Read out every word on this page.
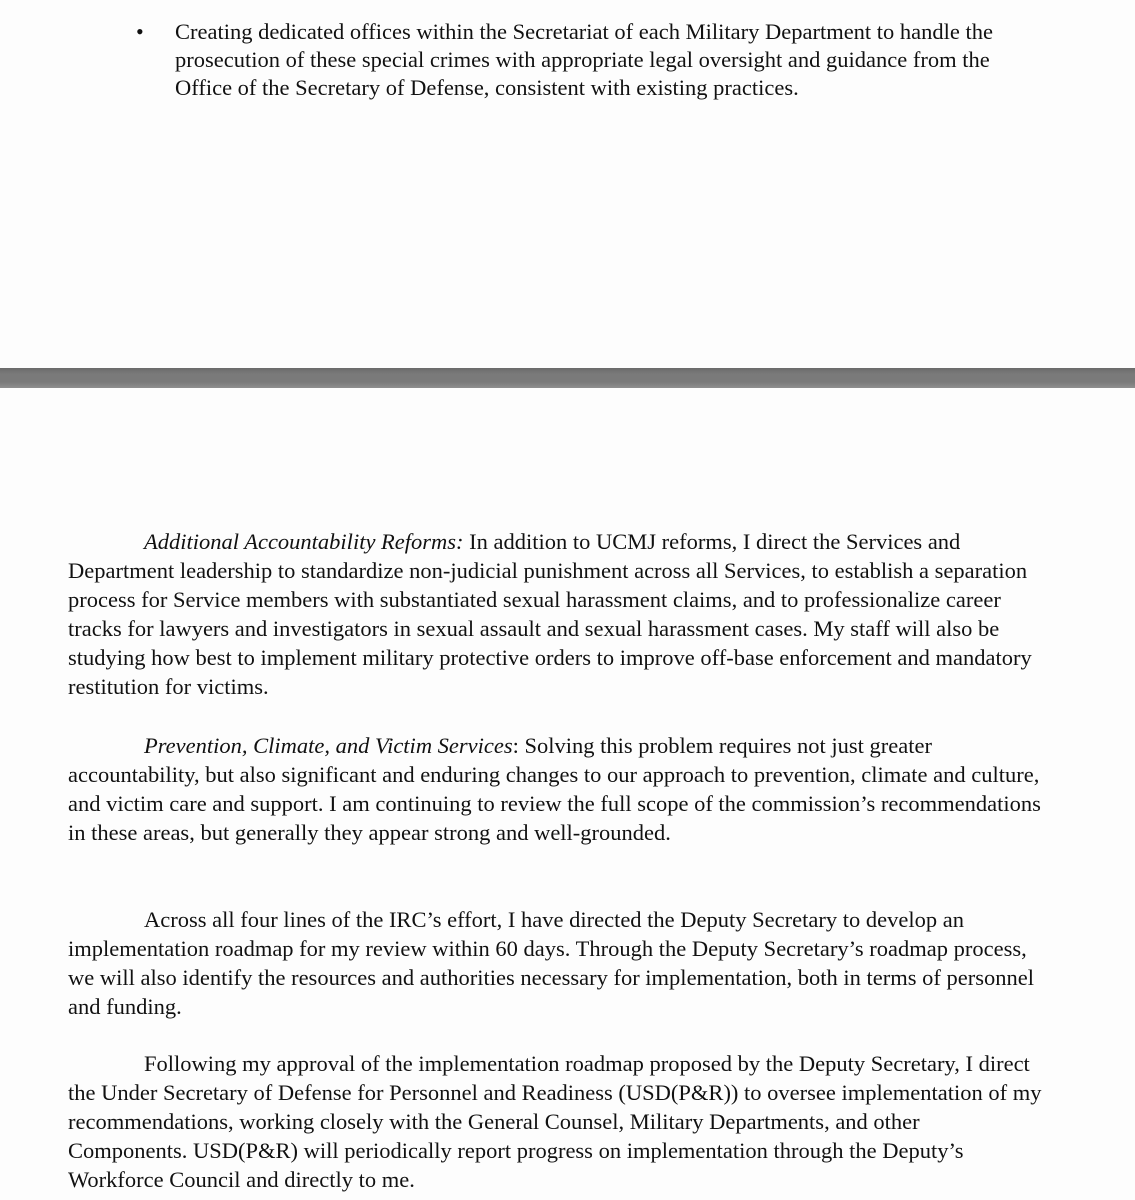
• Creating dedicated offices within the Secretariat of each Military Department to handle the prosecution of these special crimes with appropriate legal oversight and guidance from the Office of the Secretary of Defense, consistent with existing practices.

Additional Accountability Reforms: In addition to UCMJ reforms, I direct the Services and Department leadership to standardize non-judicial punishment across all Services, to establish a separation process for Service members with substantiated sexual harassment claims, and to professionalize career tracks for lawyers and investigators in sexual assault and sexual harassment cases. My staff will also be studying how best to implement military protective orders to improve off-base enforcement and mandatory restitution for victims.

Prevention, Climate, and Victim Services: Solving this problem requires not just greater accountability, but also significant and enduring changes to our approach to prevention, climate and culture, and victim care and support. I am continuing to review the full scope of the commission’s recommendations in these areas, but generally they appear strong and well-grounded.

Across all four lines of the IRC’s effort, I have directed the Deputy Secretary to develop an implementation roadmap for my review within 60 days. Through the Deputy Secretary’s roadmap process, we will also identify the resources and authorities necessary for implementation, both in terms of personnel and funding.

Following my approval of the implementation roadmap proposed by the Deputy Secretary, I direct the Under Secretary of Defense for Personnel and Readiness (USD(P&R)) to oversee implementation of my recommendations, working closely with the General Counsel, Military Departments, and other Components. USD(P&R) will periodically report progress on implementation through the Deputy’s Workforce Council and directly to me.
